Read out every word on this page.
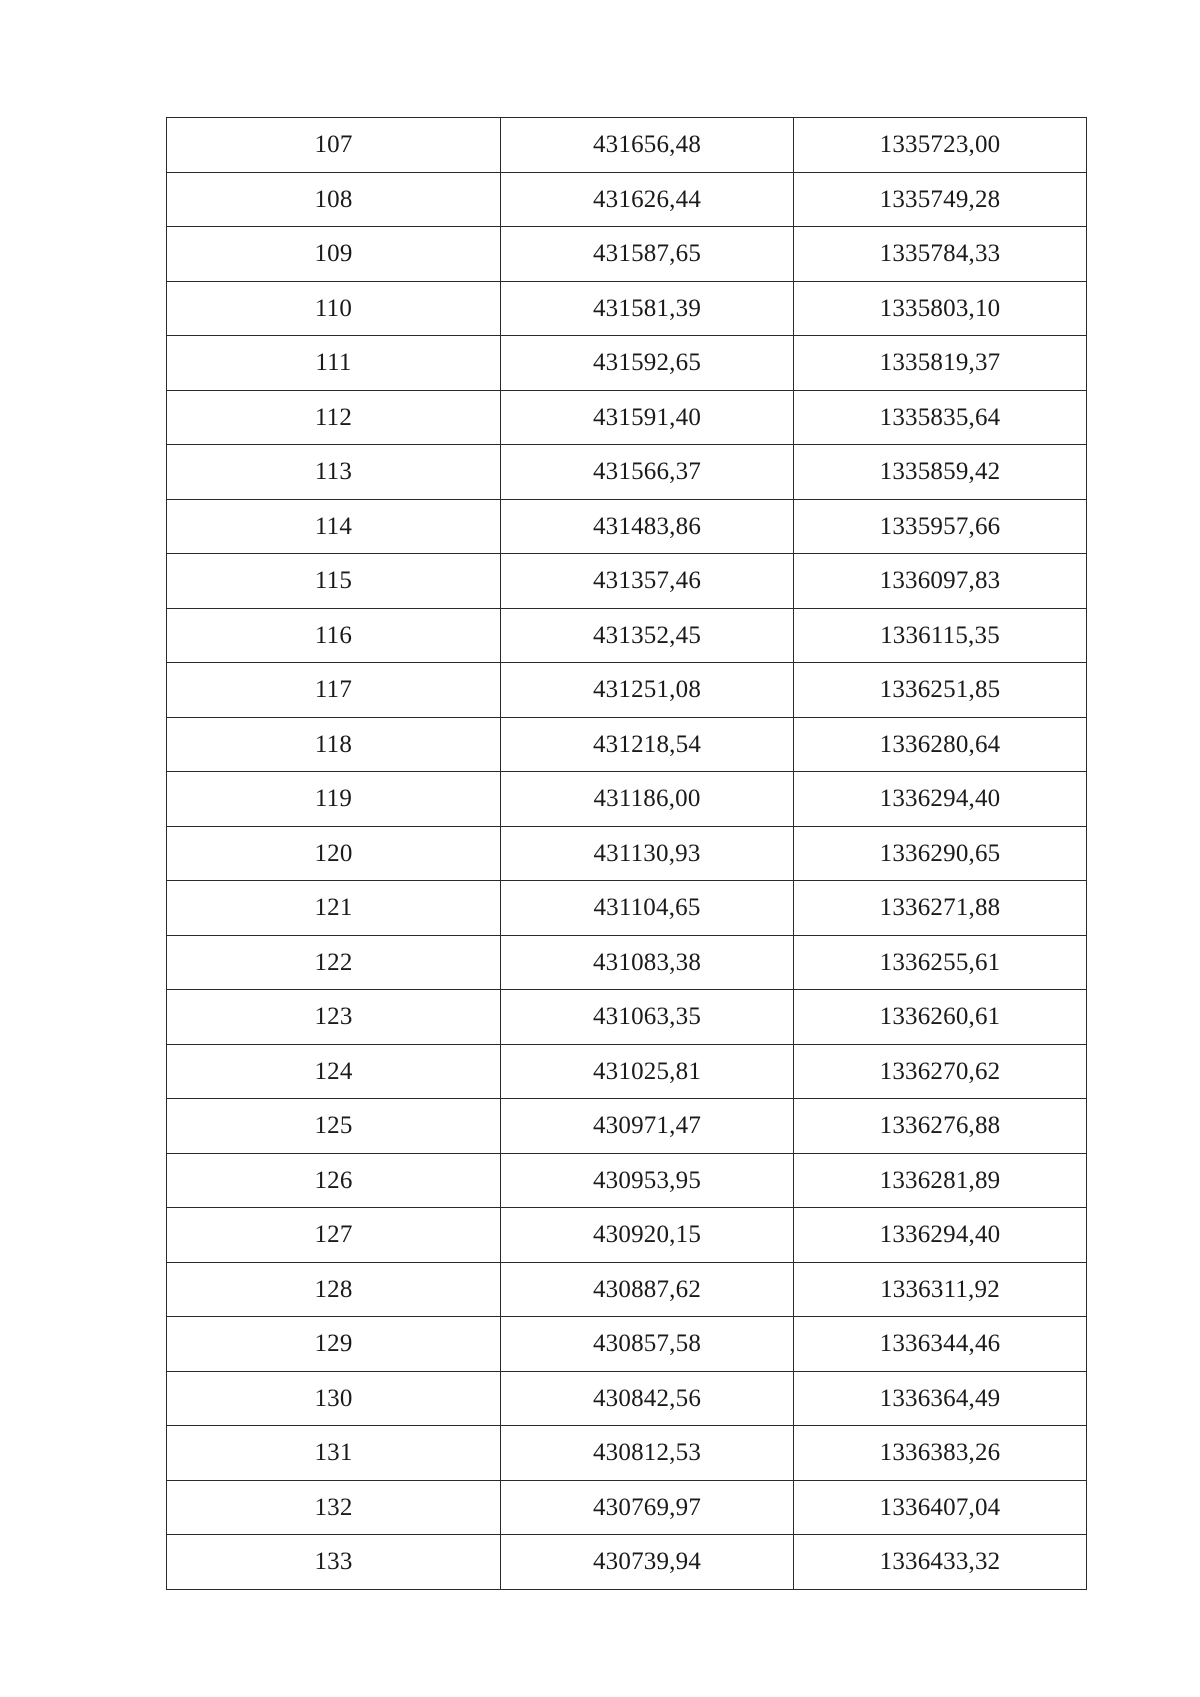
107	431656,48	1335723,00
108	431626,44	1335749,28
109	431587,65	1335784,33
110	431581,39	1335803,10
111	431592,65	1335819,37
112	431591,40	1335835,64
113	431566,37	1335859,42
114	431483,86	1335957,66
115	431357,46	1336097,83
116	431352,45	1336115,35
117	431251,08	1336251,85
118	431218,54	1336280,64
119	431186,00	1336294,40
120	431130,93	1336290,65
121	431104,65	1336271,88
122	431083,38	1336255,61
123	431063,35	1336260,61
124	431025,81	1336270,62
125	430971,47	1336276,88
126	430953,95	1336281,89
127	430920,15	1336294,40
128	430887,62	1336311,92
129	430857,58	1336344,46
130	430842,56	1336364,49
131	430812,53	1336383,26
132	430769,97	1336407,04
133	430739,94	1336433,32
